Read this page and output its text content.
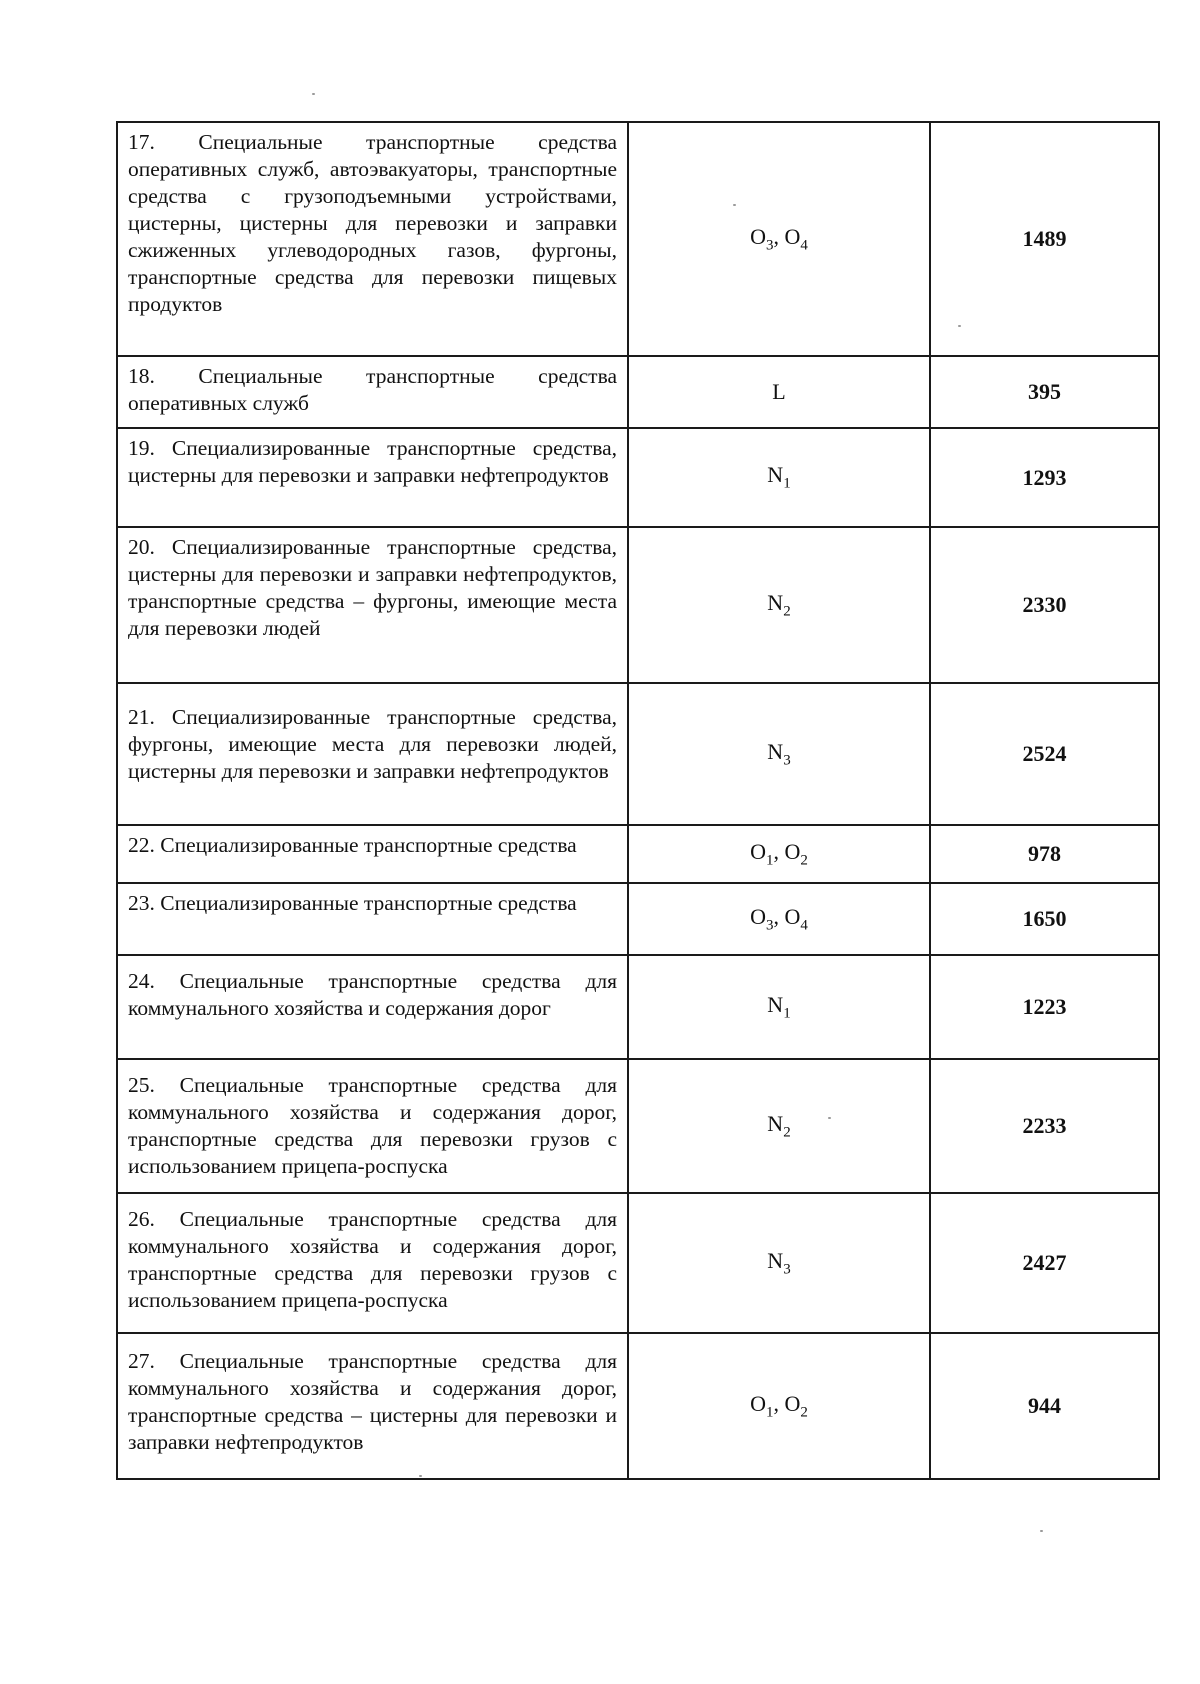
17. Специальные транспортные средства оперативных служб, автоэвакуаторы, транспортные средства с грузоподъемными устройствами, цистерны, цистерны для перевозки и заправки сжиженных углеводородных газов, фургоны, транспортные средства для перевозки пищевых продуктов	$O_3$, $O_4$	1489
18. Специальные транспортные средства оперативных служб	L	395
19. Специализированные транспортные средства, цистерны для перевозки и заправки нефтепродуктов	$N_1$	1293
20. Специализированные транспортные средства, цистерны для перевозки и заправки нефтепродуктов, транспортные средства – фургоны, имеющие места для перевозки людей	$N_2$	2330
21. Специализированные транспортные средства, фургоны, имеющие места для перевозки людей, цистерны для перевозки и заправки нефтепродуктов	$N_3$	2524
22. Специализированные транспортные средства	$O_1$, $O_2$	978
23. Специализированные транспортные средства	$O_3$, $O_4$	1650
24. Специальные транспортные средства для коммунального хозяйства и содержания дорог	$N_1$	1223
25. Специальные транспортные средства для коммунального хозяйства и содержания дорог, транспортные средства для перевозки грузов с использованием прицепа-роспуска	$N_2$	2233
26. Специальные транспортные средства для коммунального хозяйства и содержания дорог, транспортные средства для перевозки грузов с использованием прицепа-роспуска	$N_3$	2427
27. Специальные транспортные средства для коммунального хозяйства и содержания дорог, транспортные средства – цистерны для перевозки и заправки нефтепродуктов	$O_1$, $O_2$	944
